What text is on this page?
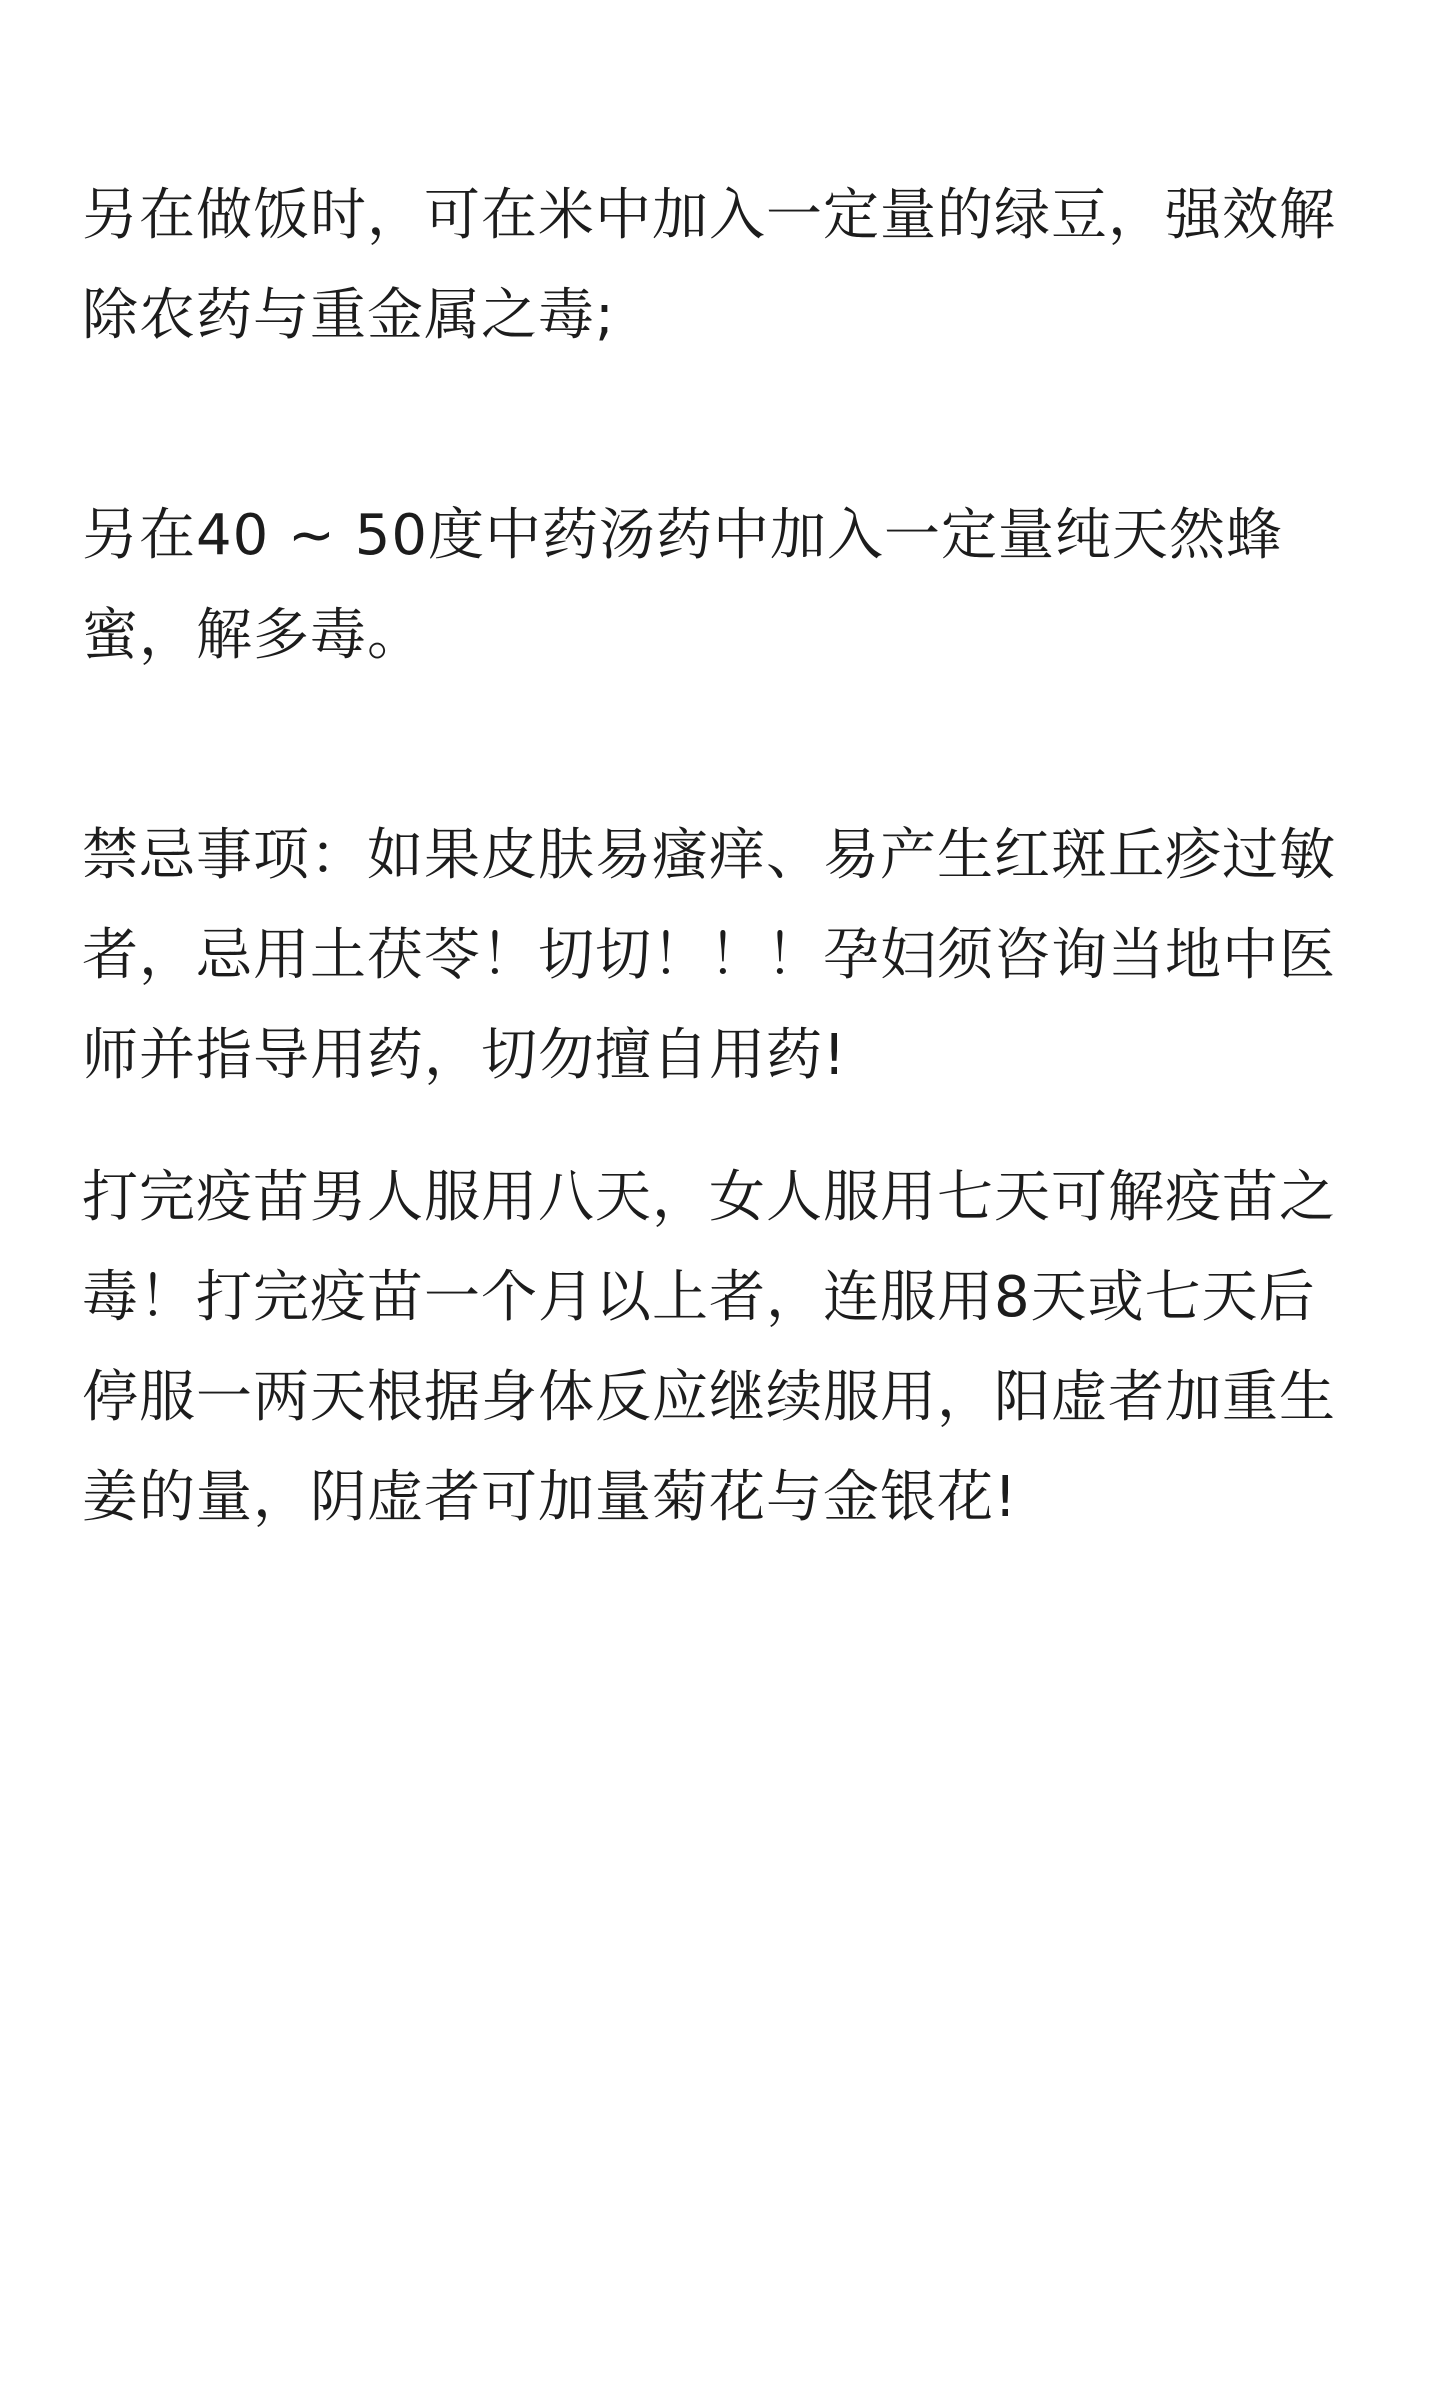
另在做饭时，可在米中加入一定量的绿豆，强效解除农药与重金属之毒;

另在40 ~ 50度中药汤药中加入一定量纯天然蜂蜜，解多毒。

禁忌事项：如果皮肤易瘙痒、易产生红斑丘疹过敏者，忌用土茯苓！切切！！！孕妇须咨询当地中医师并指导用药，切勿擅自用药!

打完疫苗男人服用八天，女人服用七天可解疫苗之毒！打完疫苗一个月以上者，连服用8天或七天后停服一两天根据身体反应继续服用，阳虚者加重生姜的量，阴虚者可加量菊花与金银花!
